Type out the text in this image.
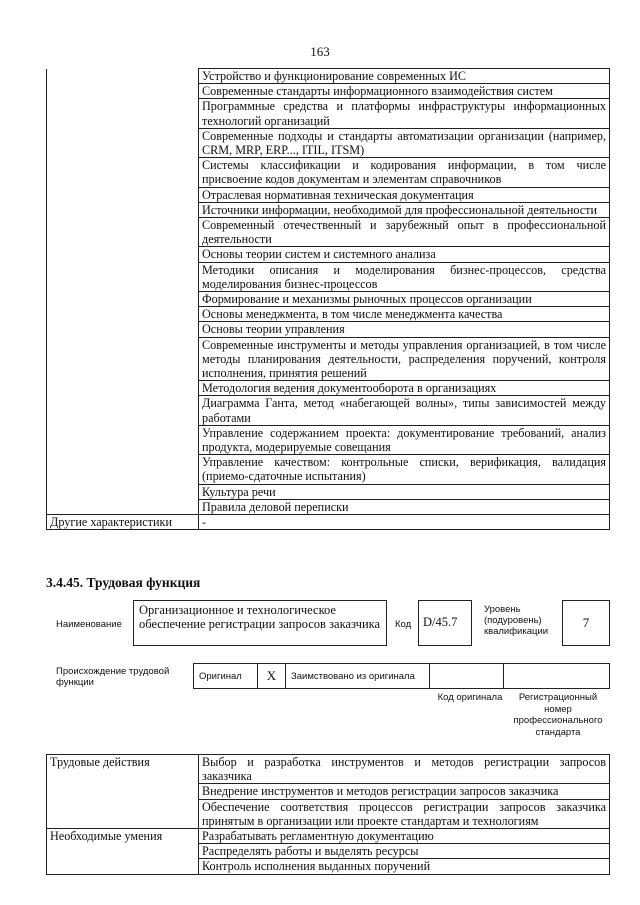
163
	Устройство и функционирование современных ИС
	Современные стандарты информационного взаимодействия систем
	Программные средства и платформы инфраструктуры информационных технологий организаций
	Современные подходы и стандарты автоматизации организации (например, CRM, MRP, ERP..., ITIL, ITSM)
	Системы классификации и кодирования информации, в том числе присвоение кодов документам и элементам справочников
	Отраслевая нормативная техническая документация
	Источники информации, необходимой для профессиональной деятельности
	Современный отечественный и зарубежный опыт в профессиональной деятельности
	Основы теории систем и системного анализа
	Методики описания и моделирования бизнес-процессов, средства моделирования бизнес-процессов
	Формирование и механизмы рыночных процессов организации
	Основы менеджмента, в том числе менеджмента качества
	Основы теории управления
	Современные инструменты и методы управления организацией, в том числе методы планирования деятельности, распределения поручений, контроля исполнения, принятия решений
	Методология ведения документооборота в организациях
	Диаграмма Ганта, метод «набегающей волны», типы зависимостей между работами
	Управление содержанием проекта: документирование требований, анализ продукта, модерируемые совещания
	Управление качеством: контрольные списки, верификация, валидация (приемо-сдаточные испытания)
	Культура речи
	Правила деловой переписки
Другие характеристики	-
3.4.45. Трудовая функция
Наименование
Организационное и технологическое обеспечение регистрации запросов заказчика	Код D/45.7
Уровень (подуровень) квалификации
7
Происхождение трудовой функции
Оригинал	X	Заимствовано из оригинала
Код оригинала	Регистрационный номер профессионального стандарта
Трудовые действия	Выбор и разработка инструментов и методов регистрации запросов заказчика
	Внедрение инструментов и методов регистрации запросов заказчика
	Обеспечение соответствия процессов регистрации запросов заказчика принятым в организации или проекте стандартам и технологиям
Необходимые умения	Разрабатывать регламентную документацию
	Распределять работы и выделять ресурсы
	Контроль исполнения выданных поручений
